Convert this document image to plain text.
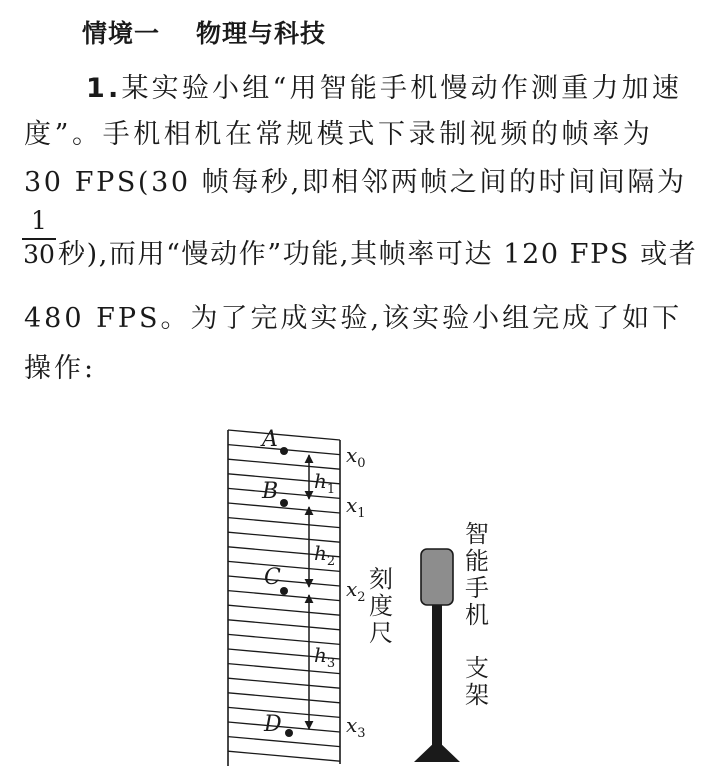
情境一 物理与科技
1.某实验小组“用智能手机慢动作测重力加速
度”。手机相机在常规模式下录制视频的帧率为
30 FPS(30 帧每秒,即相邻两帧之间的时间间隔为
1
30 秒),而用“慢动作”功能,其帧率可达 120 FPS 或者
480 FPS。为了完成实验,该实验小组完成了如下
操作:
A
B
C
D
$h_1$
$h_2$
$h_3$
$x_0$
$x_1$
$x_2$
$x_3$
刻
度
尺
智
能
手
机
支
架
